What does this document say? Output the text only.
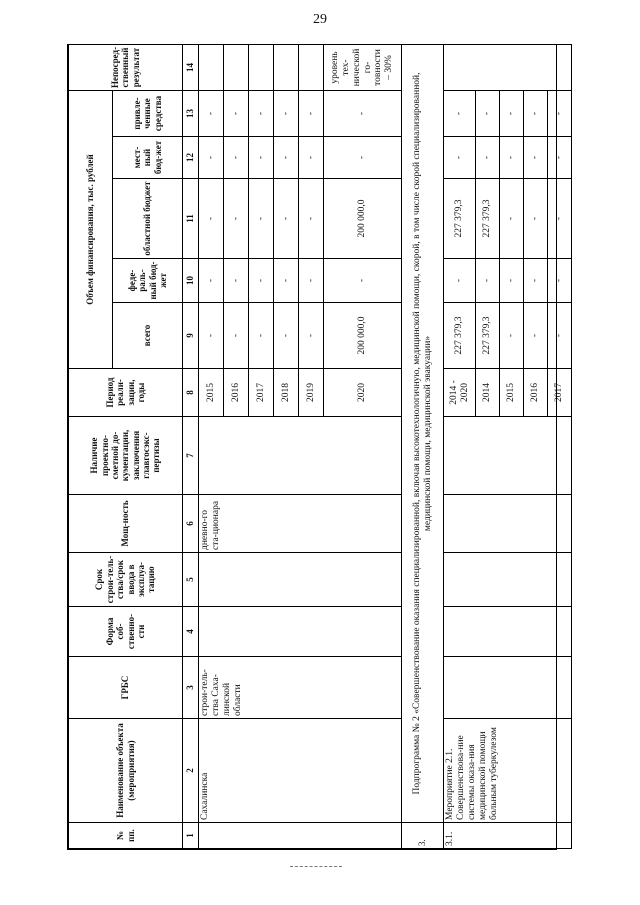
29
№ пп.	Наименование объекта (мероприятия)	ГРБС	Форма соб-ственно-сти	Срок строи-тель-ства/срок ввода в эксплуа-тацию	Мощ-ность	Наличие проектно-сметной до-кументации, заключения главгосэкс-пертизы	Период реали-зации, годы	Объем финансирования, тыс. рублей					Непосред-ственный результат
								всего	феде-раль-ный бюд-жет	областной бюджет	мест-ный бюд-жет	привле-ченные средства	
1	2	3	4	5	6	7	8	9	10	11	12	13	14
	Сахалинска	строи-тель-ства Саха-линской области			дневно-го ста-ционара		2015	-	-	-	-	-	
							2016	-	-	-	-	-	
							2017	-	-	-	-	-	
							2018	-	-	-	-	-	
							2019	-	-	-	-	-	
							2020	200 000,0	-	200 000,0	-	-	уровень тех-нической го-товности – 30%
3.	Подпрограмма № 2 «Совершенствование оказания специализированной, включая высокотехнологичную, медицинской помощи, скорой, в том числе скорой специализированной, медицинской помощи, медицинской эвакуации»												
3.1.	Мероприятие 2.1. Совершенствова-ние системы оказа-ния медицинской помощи больным туберкулезом						2014 - 2020	227 379,3	-	227 379,3	-	-	
							2014	227 379,3	-	227 379,3	-	-	
							2015	-	-	-	-	-	
							2016	-	-	-	-	-	
							2017	-	-	-	-	-	
